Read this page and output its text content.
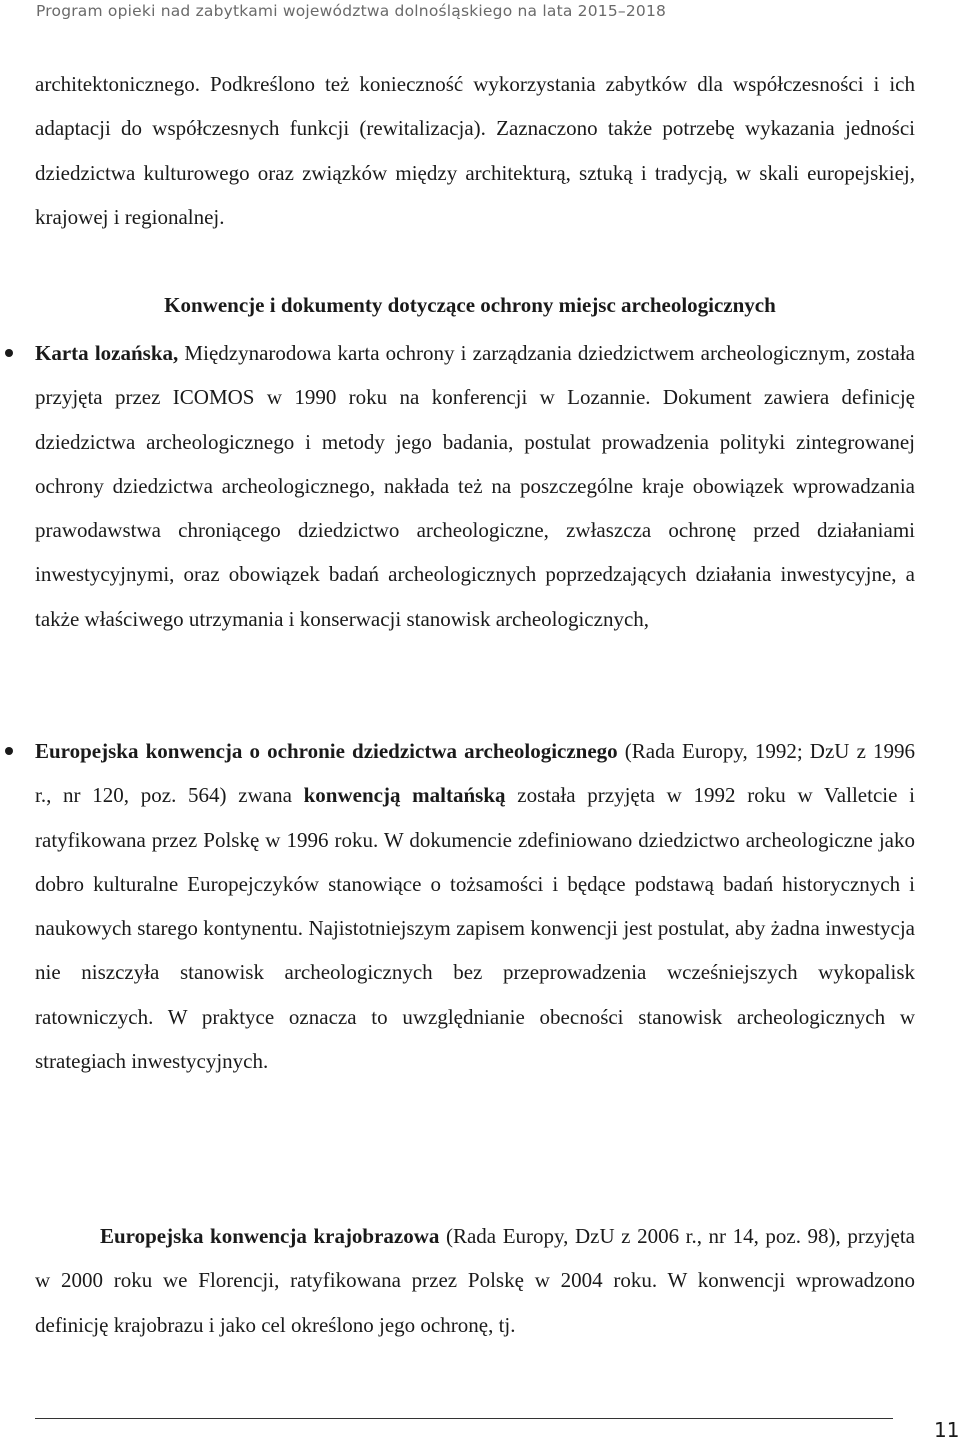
Program opieki nad zabytkami województwa dolnośląskiego na lata 2015–2018

architektonicznego. Podkreślono też konieczność wykorzystania zabytków dla współczesności i ich adaptacji do współczesnych funkcji (rewitalizacja). Zaznaczono także potrzebę wykazania jedności dziedzictwa kulturowego oraz związków między architekturą, sztuką i tradycją, w skali europejskiej, krajowej i regionalnej.

Konwencje i dokumenty dotyczące ochrony miejsc archeologicznych

Karta lozańska, Międzynarodowa karta ochrony i zarządzania dziedzictwem archeologicznym, została przyjęta przez ICOMOS w 1990 roku na konferencji w Lozannie. Dokument zawiera definicję dziedzictwa archeologicznego i metody jego badania, postulat prowadzenia polityki zintegrowanej ochrony dziedzictwa archeologicznego, nakłada też na poszczególne kraje obowiązek wprowadzania prawodawstwa chroniącego dziedzictwo archeologiczne, zwłaszcza ochronę przed działaniami inwestycyjnymi, oraz obowiązek badań archeologicznych poprzedzających działania inwestycyjne, a także właściwego utrzymania i konserwacji stanowisk archeologicznych,

Europejska konwencja o ochronie dziedzictwa archeologicznego (Rada Europy, 1992; DzU z 1996 r., nr 120, poz. 564) zwana konwencją maltańską została przyjęta w 1992 roku w Valletcie i ratyfikowana przez Polskę w 1996 roku. W dokumencie zdefiniowano dziedzictwo archeologiczne jako dobro kulturalne Europejczyków stanowiące o tożsamości i będące podstawą badań historycznych i naukowych starego kontynentu. Najistotniejszym zapisem konwencji jest postulat, aby żadna inwestycja nie niszczyła stanowisk archeologicznych bez przeprowadzenia wcześniejszych wykopalisk ratowniczych. W praktyce oznacza to uwzględnianie obecności stanowisk archeologicznych w strategiach inwestycyjnych.

Europejska konwencja krajobrazowa (Rada Europy, DzU z 2006 r., nr 14, poz. 98), przyjęta w 2000 roku we Florencji, ratyfikowana przez Polskę w 2004 roku. W konwencji wprowadzono definicję krajobrazu i jako cel określono jego ochronę, tj.

11
